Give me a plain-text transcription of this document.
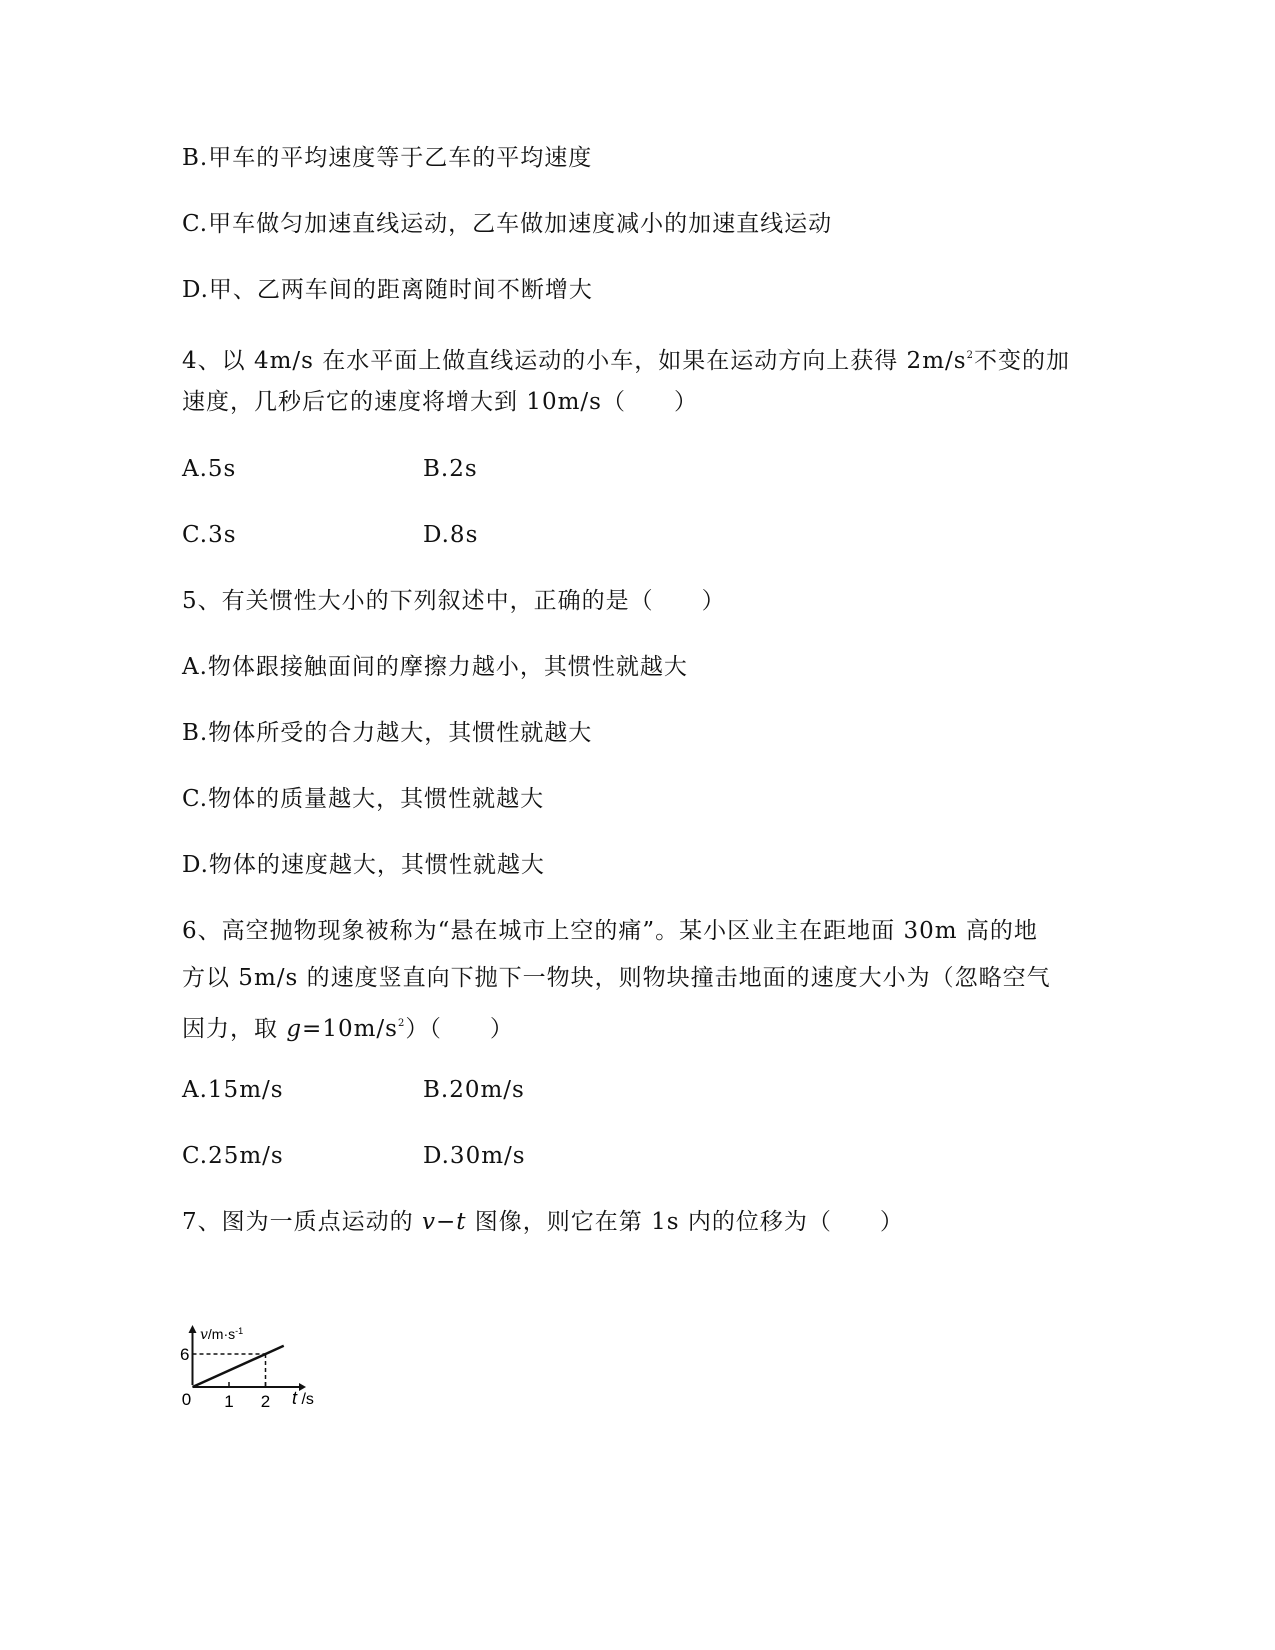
B.甲车的平均速度等于乙车的平均速度
C.甲车做匀加速直线运动，乙车做加速度减小的加速直线运动
D.甲、乙两车间的距离随时间不断增大
4、以 4m/s 在水平面上做直线运动的小车，如果在运动方向上获得 $2m/s^2$不变的加
速度，几秒后它的速度将增大到 10m/s（　　）
A.5s	B.2s
C.3s	D.8s
5、有关惯性大小的下列叙述中，正确的是（　　）
A.物体跟接触面间的摩擦力越小，其惯性就越大
B.物体所受的合力越大，其惯性就越大
C.物体的质量越大，其惯性就越大
D.物体的速度越大，其惯性就越大
6、高空抛物现象被称为“悬在城市上空的痛”。某小区业主在距地面 30m 高的地
方以 5m/s 的速度竖直向下抛下一物块，则物块撞击地面的速度大小为（忽略空气
因力，取 $g=10m/s^2$）（　　）
A.15m/s	B.20m/s
C.25m/s	D.30m/s
7、图为一质点运动的 v−t 图像，则它在第 1s 内的位移为（　　）
1 2
6
0
$v/m\cdot s^{-1}$
t /s
